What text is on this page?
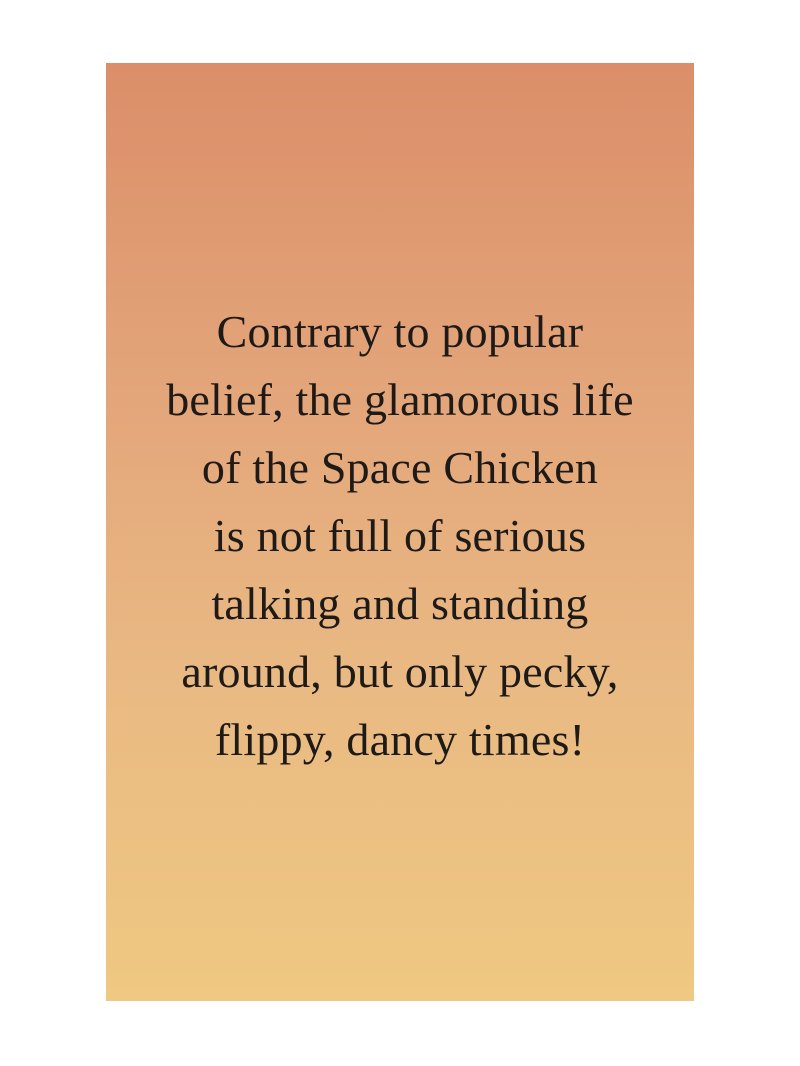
Contrary to popular
belief, the glamorous life
of the Space Chicken
is not full of serious
talking and standing
around, but only pecky,
flippy, dancy times!
